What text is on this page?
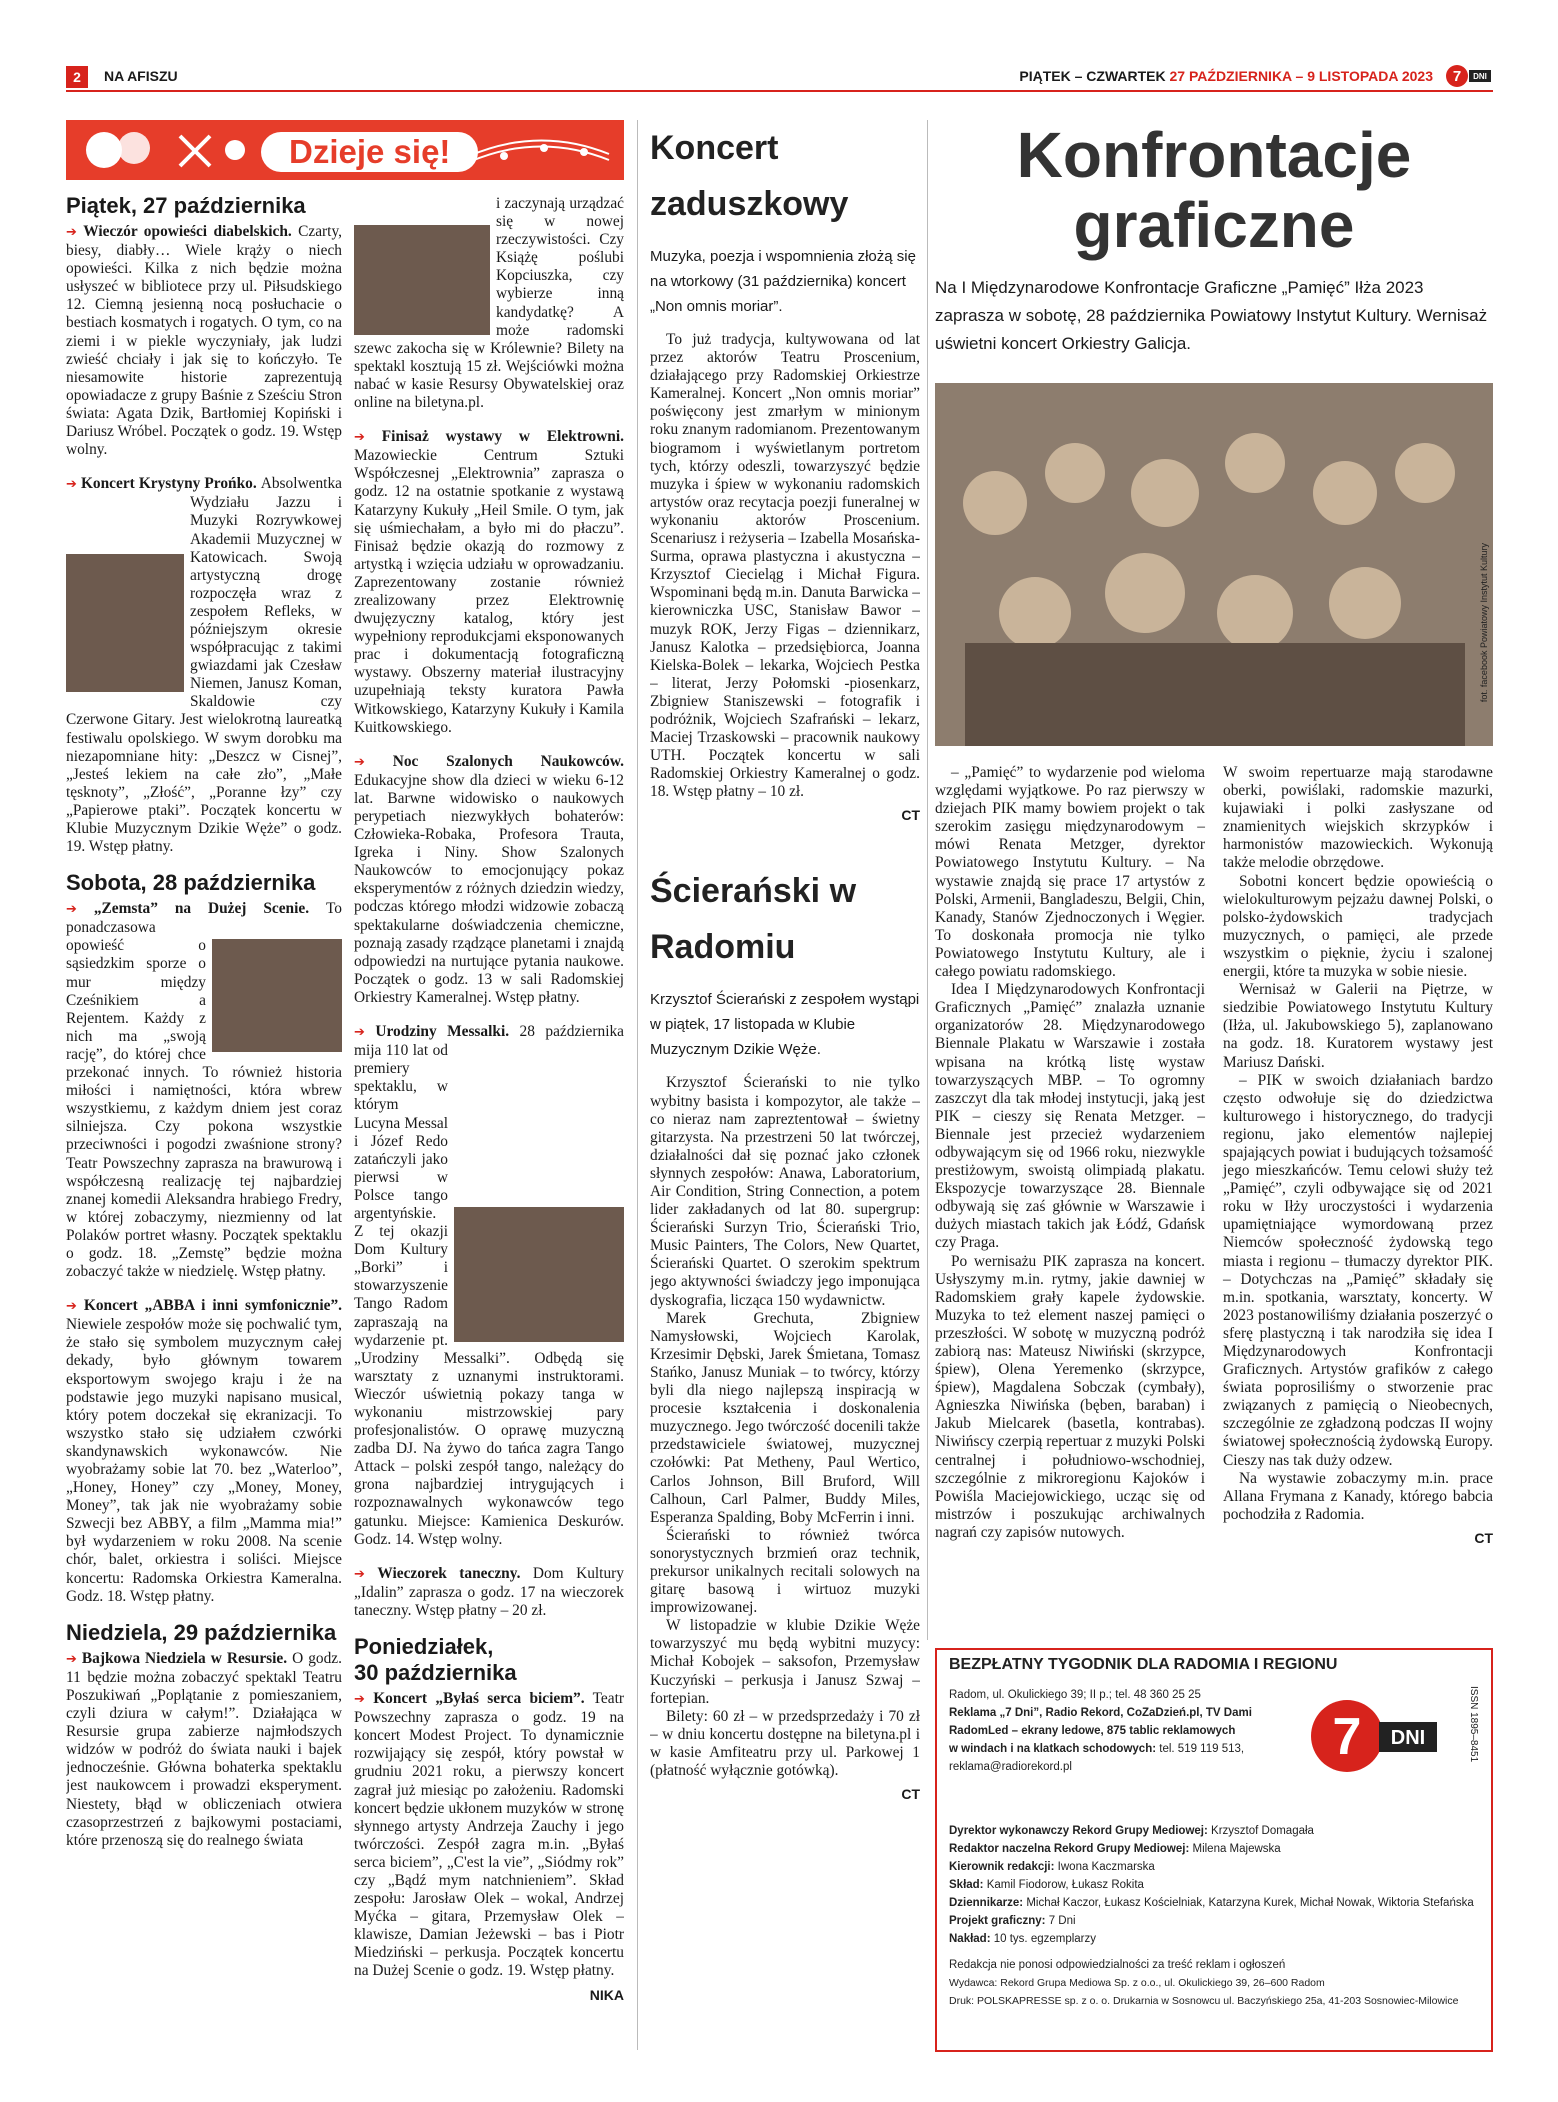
2	NA AFISZU	PIĄTEK – CZWARTEK 27 PAŹDZIERNIKA – 9 LISTOPADA 2023 7 DNI
Dzieje się!
Piątek, 27 października

➔ Wieczór opowieści diabelskich. Czarty, biesy, diabły… Wiele krąży o niech opowieści. Kilka z nich będzie można usłyszeć w bibliotece przy ul. Piłsudskiego 12. Ciemną jesienną nocą posłuchacie o bestiach kosmatych i rogatych. O tym, co na ziemi i w piekle wyczyniały, jak ludzi zwieść chciały i jak się to kończyło. Te niesamowite historie zaprezentują opowiadacze z grupy Baśnie z Sześciu Stron świata: Agata Dzik, Bartłomiej Kopiński i Dariusz Wróbel. Początek o godz. 19. Wstęp wolny.

➔ Koncert Krystyny Prońko. Absolwentka Wydziału Jazzu i Muzyki Rozrywkowej Akademii Muzycznej w Katowicach. Swoją artystyczną drogę rozpoczęła wraz z zespołem Refleks, w późniejszym okresie współpracując z takimi gwiazdami jak Czesław Niemen, Janusz Koman, Skaldowie czy Czerwone Gitary. Jest wielokrotną laureatką festiwalu opolskiego. W swym dorobku ma niezapomniane hity: „Deszcz w Cisnej”, „Jesteś lekiem na całe zło”, „Małe tęsknoty”, „Złość”, „Poranne łzy” czy „Papierowe ptaki”. Początek koncertu w Klubie Muzycznym Dzikie Węże” o godz. 19. Wstęp płatny.

Sobota, 28 października

➔ „Zemsta” na Dużej Scenie. To ponadczasowa opowieść o sąsiedzkim sporze o mur między Cześnikiem a Rejentem. Każdy z nich ma „swoją rację”, do której chce przekonać innych. To również historia miłości i namiętności, która wbrew wszystkiemu, z każdym dniem jest coraz silniejsza. Czy pokona wszystkie przeciwności i pogodzi zwaśnione strony? Teatr Powszechny zaprasza na brawurową i współczesną realizację tej najbardziej znanej komedii Aleksandra hrabiego Fredry, w której zobaczymy, niezmienny od lat Polaków portret własny. Początek spektaklu o godz. 18. „Zemstę” będzie można zobaczyć także w niedzielę. Wstęp płatny.

➔ Koncert „ABBA i inni symfonicznie”. Niewiele zespołów może się pochwalić tym, że stało się symbolem muzycznym całej dekady, było głównym towarem eksportowym swojego kraju i że na podstawie jego muzyki napisano musical, który potem doczekał się ekranizacji. To wszystko stało się udziałem czwórki skandynawskich wykonawców. Nie wyobrażamy sobie lat 70. bez „Waterloo”, „Honey, Honey” czy „Money, Money, Money”, tak jak nie wyobrażamy sobie Szwecji bez ABBY, a film „Mamma mia!” był wydarzeniem w roku 2008. Na scenie chór, balet, orkiestra i soliści. Miejsce koncertu: Radomska Orkiestra Kameralna. Godz. 18. Wstęp płatny.

Niedziela, 29 października

➔ Bajkowa Niedziela w Resursie. O godz. 11 będzie można zobaczyć spektakl Teatru Poszukiwań „Poplątanie z pomieszaniem, czyli dziura w całym!”. Działająca w Resursie grupa zabierze najmłodszych widzów w podróż do świata nauki i bajek jednocześnie. Główna bohaterka spektaklu jest naukowcem i prowadzi eksperyment. Niestety, błąd w obliczeniach otwiera czasoprzestrzeń z bajkowymi postaciami, które przenoszą się do realnego świata

i zaczynają urządzać się w nowej rzeczywistości. Czy Książę poślubi Kopciuszka, czy wybierze inną kandydatkę? A może radomski szewc zakocha się w Królewnie? Bilety na spektakl kosztują 15 zł. Wejściówki można nabać w kasie Resursy Obywatelskiej oraz online na biletyna.pl.

➔ Finisaż wystawy w Elektrowni. Mazowieckie Centrum Sztuki Współczesnej „Elektrownia” zaprasza o godz. 12 na ostatnie spotkanie z wystawą Katarzyny Kukuły „Heil Smile. O tym, jak się uśmiechałam, a było mi do płaczu”. Finisaż będzie okazją do rozmowy z artystką i wzięcia udziału w oprowadzaniu. Zaprezentowany zostanie również zrealizowany przez Elektrownię dwujęzyczny katalog, który jest wypełniony reprodukcjami eksponowanych prac i dokumentacją fotograficzną wystawy. Obszerny materiał ilustracyjny uzupełniają teksty kuratora Pawła Witkowskiego, Katarzyny Kukuły i Kamila Kuitkowskiego.

➔ Noc Szalonych Naukowców. Edukacyjne show dla dzieci w wieku 6-12 lat. Barwne widowisko o naukowych perypetiach niezwykłych bohaterów: Człowieka-Robaka, Profesora Trauta, Igreka i Niny. Show Szalonych Naukowców to emocjonujący pokaz eksperymentów z różnych dziedzin wiedzy, podczas którego młodzi widzowie zobaczą spektakularne doświadczenia chemiczne, poznają zasady rządzące planetami i znajdą odpowiedzi na nurtujące pytania naukowe. Początek o godz. 13 w sali Radomskiej Orkiestry Kameralnej. Wstęp płatny.

➔ Urodziny Messalki. 28 października mija 110 lat od premiery spektaklu, w którym Lucyna Messal i Józef Redo zatańczyli jako pierwsi w Polsce tango argentyńskie. Z tej okazji Dom Kultury „Borki” i stowarzyszenie Tango Radom zapraszają na wydarzenie pt. „Urodziny Messalki”. Odbędą się warsztaty z uznanymi instruktorami. Wieczór uświetnią pokazy tanga w wykonaniu mistrzowskiej pary profesjonalistów. O oprawę muzyczną zadba DJ. Na żywo do tańca zagra Tango Attack – polski zespół tango, należący do grona najbardziej intrygujących i rozpoznawalnych wykonawców tego gatunku. Miejsce: Kamienica Deskurów. Godz. 14. Wstęp wolny.

➔ Wieczorek taneczny. Dom Kultury „Idalin” zaprasza o godz. 17 na wieczorek taneczny. Wstęp płatny – 20 zł.

Poniedziałek,
30 października

➔ Koncert „Byłaś serca biciem”. Teatr Powszechny zaprasza o godz. 19 na koncert Modest Project. To dynamicznie rozwijający się zespół, który powstał w grudniu 2021 roku, a pierwszy koncert zagrał już miesiąc po założeniu. Radomski koncert będzie ukłonem muzyków w stronę słynnego artysty Andrzeja Zauchy i jego twórczości. Zespół zagra m.in. „Byłaś serca biciem”, „C'est la vie”, „Siódmy rok” czy „Bądź mym natchnieniem”. Skład zespołu: Jarosław Olek – wokal, Andrzej Myćka – gitara, Przemysław Olek – klawisze, Damian Jeżewski – bas i Piotr Miedziński – perkusja. Początek koncertu na Dużej Scenie o godz. 19. Wstęp płatny.

NIKA
Koncert zaduszkowy
Muzyka, poezja i wspomnienia złożą się na wtorkowy (31 października) koncert „Non omnis moriar”.

To już tradycja, kultywowana od lat przez aktorów Teatru Proscenium, działającego przy Radomskiej Orkiestrze Kameralnej. Koncert „Non omnis moriar” poświęcony jest zmarłym w minionym roku znanym radomianom. Prezentowanym biogramom i wyświetlanym portretom tych, którzy odeszli, towarzyszyć będzie muzyka i śpiew w wykonaniu radomskich artystów oraz recytacja poezji funeralnej w wykonaniu aktorów Proscenium. Scenariusz i reżyseria – Izabella Mosańska-Surma, oprawa plastyczna i akustyczna – Krzysztof Ciecieląg i Michał Figura. Wspominani będą m.in. Danuta Barwicka – kierowniczka USC, Stanisław Bawor – muzyk ROK, Jerzy Figas – dziennikarz, Janusz Kalotka – przedsiębiorca, Joanna Kielska-Bolek – lekarka, Wojciech Pestka – literat, Jerzy Połomski -piosenkarz, Zbigniew Staniszewski – fotografik i podróżnik, Wojciech Szafrański – lekarz, Maciej Trzaskowski – pracownik naukowy UTH. Początek koncertu w sali Radomskiej Orkiestry Kameralnej o godz. 18. Wstęp płatny – 10 zł.

CT
Ścierański w Radomiu
Krzysztof Ścierański z zespołem wystąpi w piątek, 17 listopada w Klubie Muzycznym Dzikie Węże.

Krzysztof Ścierański to nie tylko wybitny basista i kompozytor, ale także – co nieraz nam zapreztentował – świetny gitarzysta. Na przestrzeni 50 lat twórczej, działalności dał się poznać jako członek słynnych zespołów: Anawa, Laboratorium, Air Condition, String Connection, a potem lider zakładanych od lat 80. supergrup: Ścierański Surzyn Trio, Ścierański Trio, Music Painters, The Colors, New Quartet, Ścierański Quartet. O szerokim spektrum jego aktywności świadczy jego imponująca dyskografia, licząca 150 wydawnictw.

Marek Grechuta, Zbigniew Namysłowski, Wojciech Karolak, Krzesimir Dębski, Jarek Śmietana, Tomasz Stańko, Janusz Muniak – to twórcy, którzy byli dla niego najlepszą inspiracją w procesie kształcenia i doskonalenia muzycznego. Jego twórczość docenili także przedstawiciele światowej, muzycznej czołówki: Pat Metheny, Paul Wertico, Carlos Johnson, Bill Bruford, Will Calhoun, Carl Palmer, Buddy Miles, Esperanza Spalding, Boby McFerrin i inni.

Ścierański to również twórca sonorystycznych brzmień oraz technik, prekursor unikalnych recitali solowych na gitarę basową i wirtuoz muzyki improwizowanej.

W listopadzie w klubie Dzikie Węże towarzyszyć mu będą wybitni muzycy: Michał Kobojek – saksofon, Przemysław Kuczyński – perkusja i Janusz Szwaj – fortepian.

Bilety: 60 zł – w przedsprzedaży i 70 zł – w dniu koncertu dostępne na biletyna.pl i w kasie Amfiteatru przy ul. Parkowej 1 (płatność wyłącznie gotówką).

CT
Konfrontacje
graficzne
Na I Międzynarodowe Konfrontacje Graficzne „Pamięć” Iłża 2023 zaprasza w sobotę, 28 października Powiatowy Instytut Kultury. Wernisaż uświetni koncert Orkiestry Galicja.
fot. facebook Powiatowy Instytut Kultury

– „Pamięć” to wydarzenie pod wieloma względami wyjątkowe. Po raz pierwszy w dziejach PIK mamy bowiem projekt o tak szerokim zasięgu międzynarodowym – mówi Renata Metzger, dyrektor Powiatowego Instytutu Kultury. – Na wystawie znajdą się prace 17 artystów z Polski, Armenii, Bangladeszu, Belgii, Chin, Kanady, Stanów Zjednoczonych i Węgier. To doskonała promocja nie tylko Powiatowego Instytutu Kultury, ale i całego powiatu radomskiego.

Idea I Międzynarodowych Konfrontacji Graficznych „Pamięć” znalazła uznanie organizatorów 28. Międzynarodowego Biennale Plakatu w Warszawie i została wpisana na krótką listę wystaw towarzyszących MBP. – To ogromny zaszczyt dla tak młodej instytucji, jaką jest PIK – cieszy się Renata Metzger. – Biennale jest przecież wydarzeniem odbywającym się od 1966 roku, niezwykle prestiżowym, swoistą olimpiadą plakatu. Ekspozycje towarzyszące 28. Biennale odbywają się zaś głównie w Warszawie i dużych miastach takich jak Łódź, Gdańsk czy Praga.

Po wernisażu PIK zaprasza na koncert. Usłyszymy m.in. rytmy, jakie dawniej w Radomskiem grały kapele żydowskie. Muzyka to też element naszej pamięci o przeszłości. W sobotę w muzyczną podróż zabiorą nas: Mateusz Niwiński (skrzypce, śpiew), Olena Yeremenko (skrzypce, śpiew), Magdalena Sobczak (cymbały), Agnieszka Niwińska (bęben, baraban) i Jakub Mielcarek (basetla, kontrabas). Niwińscy czerpią repertuar z muzyki Polski centralnej i południowo-wschodniej, szczególnie z mikroregionu Kajoków i Powiśla Maciejowickiego, ucząc się od mistrzów i poszukując archiwalnych nagrań czy zapisów nutowych.

W swoim repertuarze mają starodawne oberki, powiślaki, radomskie mazurki, kujawiaki i polki zasłyszane od znamienitych wiejskich skrzypków i harmonistów mazowieckich. Wykonują także melodie obrzędowe.

Sobotni koncert będzie opowieścią o wielokulturowym pejzażu dawnej Polski, o polsko-żydowskich tradycjach muzycznych, o pamięci, ale przede wszystkim o pięknie, życiu i szalonej energii, które ta muzyka w sobie niesie.

Wernisaż w Galerii na Piętrze, w siedzibie Powiatowego Instytutu Kultury (Iłża, ul. Jakubowskiego 5), zaplanowano na godz. 18. Kuratorem wystawy jest Mariusz Dański.

– PIK w swoich działaniach bardzo często odwołuje się do dziedzictwa kulturowego i historycznego, do tradycji regionu, jako elementów najlepiej spajających powiat i budujących tożsamość jego mieszkańców. Temu celowi służy też „Pamięć”, czyli odbywające się od 2021 roku w Iłży uroczystości i wydarzenia upamiętniające wymordowaną przez Niemców społeczność żydowską tego miasta i regionu – tłumaczy dyrektor PIK. – Dotychczas na „Pamięć” składały się m.in. spotkania, warsztaty, koncerty. W 2023 postanowiliśmy działania poszerzyć o sferę plastyczną i tak narodziła się idea I Międzynarodowych Konfrontacji Graficznych. Artystów grafików z całego świata poprosiliśmy o stworzenie prac związanych z pamięcią o Nieobecnych, szczególnie ze zgładzoną podczas II wojny światowej społecznością żydowską Europy. Cieszy nas tak duży odzew.

Na wystawie zobaczymy m.in. prace Allana Frymana z Kanady, którego babcia pochodziła z Radomia.

CT
BEZPŁATNY TYGODNIK DLA RADOMIA I REGIONU
Radom, ul. Okulickiego 39; II p.; tel. 48 360 25 25
Reklama „7 Dni”, Radio Rekord, CoZaDzień.pl, TV Dami
RadomLed – ekrany ledowe, 875 tablic reklamowych
w windach i na klatkach schodowych: tel. 519 119 513,
reklama@radiorekord.pl
7 DNI	ISSN 1895–8451
Dyrektor wykonawczy Rekord Grupy Mediowej: Krzysztof Domagała
Redaktor naczelna Rekord Grupy Mediowej: Milena Majewska
Kierownik redakcji: Iwona Kaczmarska
Skład: Kamil Fiodorow, Łukasz Rokita
Dziennikarze: Michał Kaczor, Łukasz Kościelniak, Katarzyna Kurek, Michał Nowak, Wiktoria Stefańska
Projekt graficzny: 7 Dni
Nakład: 10 tys. egzemplarzy
Redakcja nie ponosi odpowiedzialności za treść reklam i ogłoszeń
Wydawca: Rekord Grupa Mediowa Sp. z o.o., ul. Okulickiego 39, 26–600 Radom
Druk: POLSKAPRESSE sp. z o. o. Drukarnia w Sosnowcu ul. Baczyńskiego 25a, 41-203 Sosnowiec-Milowice
